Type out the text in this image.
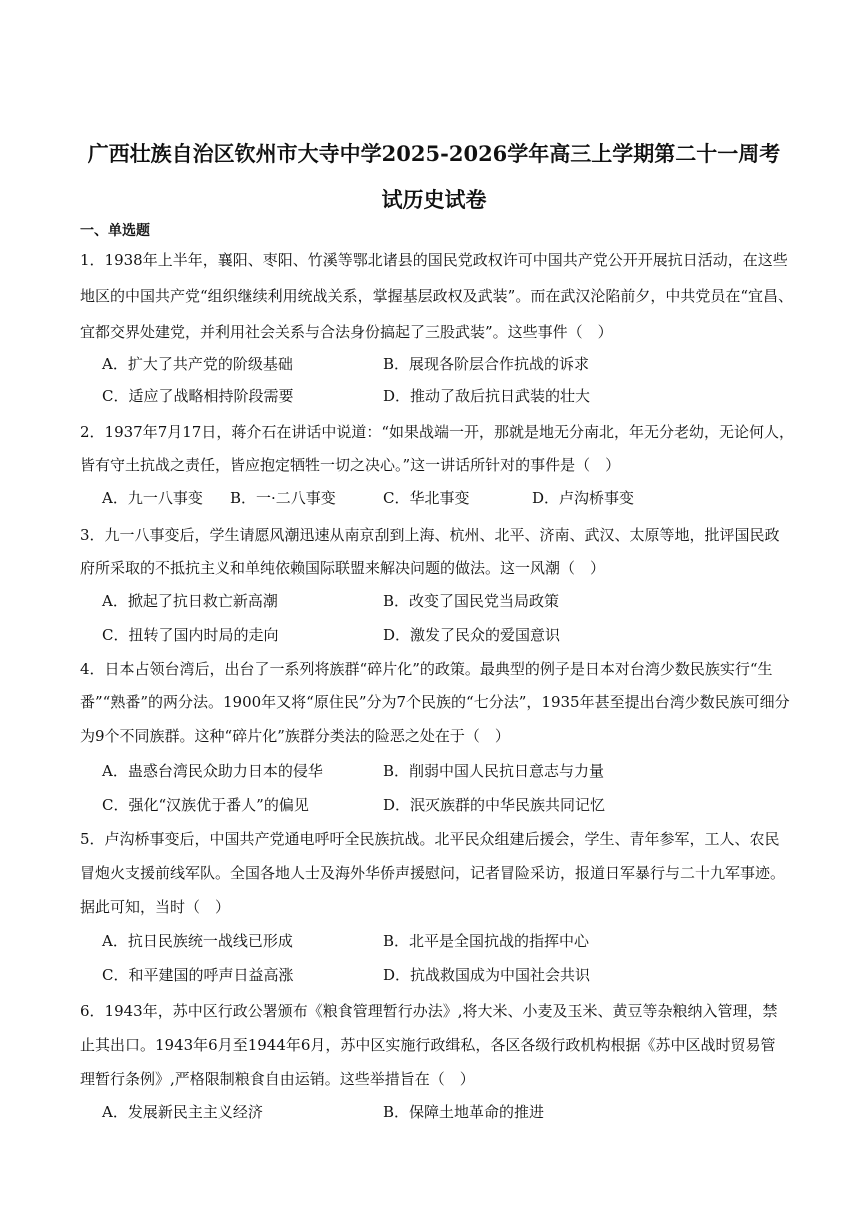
广西壮族自治区钦州市大寺中学2025-2026学年高三上学期第二十一周考
试历史试卷
一、单选题
1．1938年上半年，襄阳、枣阳、竹溪等鄂北诸县的国民党政权许可中国共产党公开开展抗日活动，在这些
地区的中国共产党“组织继续利用统战关系，掌握基层政权及武装”。而在武汉沦陷前夕，中共党员在“宜昌、
宜都交界处建党，并利用社会关系与合法身份搞起了三股武装”。这些事件（　）
A．扩大了共产党的阶级基础	B．展现各阶层合作抗战的诉求
C．适应了战略相持阶段需要	D．推动了敌后抗日武装的壮大
2．1937年7月17日，蒋介石在讲话中说道：“如果战端一开，那就是地无分南北，年无分老幼，无论何人，
皆有守土抗战之责任，皆应抱定牺牲一切之决心。”这一讲话所针对的事件是（　）
A．九一八事变 B．一·二八事变	C．华北事变	D．卢沟桥事变
3．九一八事变后，学生请愿风潮迅速从南京刮到上海、杭州、北平、济南、武汉、太原等地，批评国民政
府所采取的不抵抗主义和单纯依赖国际联盟来解决问题的做法。这一风潮（　）
A．掀起了抗日救亡新高潮	B．改变了国民党当局政策
C．扭转了国内时局的走向	D．激发了民众的爱国意识
4．日本占领台湾后，出台了一系列将族群“碎片化”的政策。最典型的例子是日本对台湾少数民族实行“生
番”“熟番”的两分法。1900年又将“原住民”分为7个民族的“七分法”，1935年甚至提出台湾少数民族可细分
为9个不同族群。这种“碎片化”族群分类法的险恶之处在于（　）
A．蛊惑台湾民众助力日本的侵华	B．削弱中国人民抗日意志与力量
C．强化“汉族优于番人”的偏见	D．泯灭族群的中华民族共同记忆
5．卢沟桥事变后，中国共产党通电呼吁全民族抗战。北平民众组建后援会，学生、青年参军，工人、农民
冒炮火支援前线军队。全国各地人士及海外华侨声援慰问，记者冒险采访，报道日军暴行与二十九军事迹。
据此可知，当时（　）
A．抗日民族统一战线已形成	B．北平是全国抗战的指挥中心
C．和平建国的呼声日益高涨	D．抗战救国成为中国社会共识
6．1943年，苏中区行政公署颁布《粮食管理暂行办法》,将大米、小麦及玉米、黄豆等杂粮纳入管理，禁
止其出口。1943年6月至1944年6月，苏中区实施行政缉私，各区各级行政机构根据《苏中区战时贸易管
理暂行条例》,严格限制粮食自由运销。这些举措旨在（　）
A．发展新民主主义经济	B．保障土地革命的推进
